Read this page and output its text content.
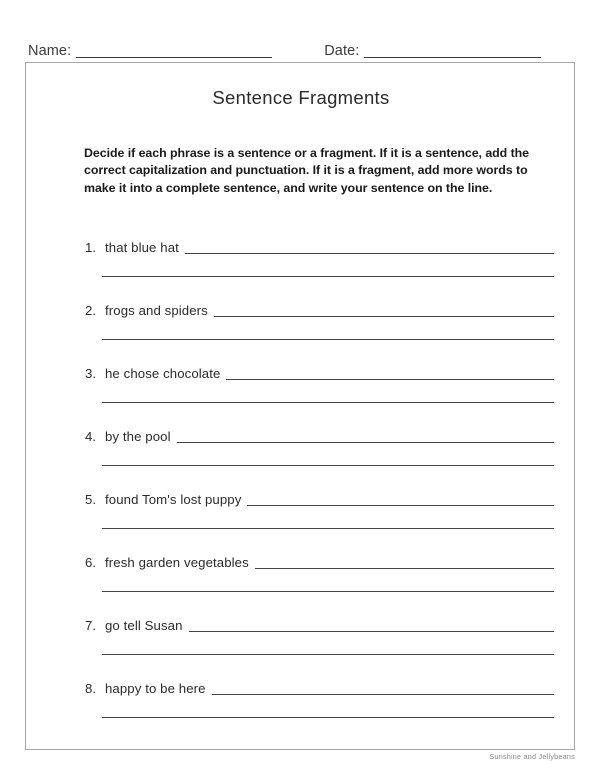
Name:	Date:
Sentence Fragments
Decide if each phrase is a sentence or a fragment. If it is a sentence, add the correct capitalization and punctuation. If it is a fragment, add more words to make it into a complete sentence, and write your sentence on the line.
1. that blue hat
2. frogs and spiders
3. he chose chocolate
4. by the pool
5. found Tom's lost puppy
6. fresh garden vegetables
7. go tell Susan
8. happy to be here
Sunshine and Jellybeans
